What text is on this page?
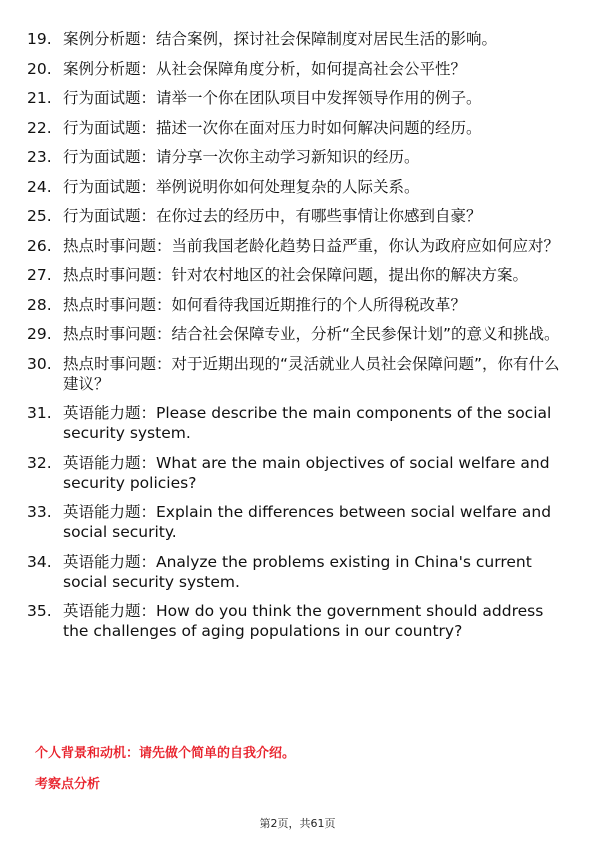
19. 案例分析题：结合案例，探讨社会保障制度对居民生活的影响。
20. 案例分析题：从社会保障角度分析，如何提高社会公平性？
21. 行为面试题：请举一个你在团队项目中发挥领导作用的例子。
22. 行为面试题：描述一次你在面对压力时如何解决问题的经历。
23. 行为面试题：请分享一次你主动学习新知识的经历。
24. 行为面试题：举例说明你如何处理复杂的人际关系。
25. 行为面试题：在你过去的经历中，有哪些事情让你感到自豪？
26. 热点时事问题：当前我国老龄化趋势日益严重，你认为政府应如何应对？
27. 热点时事问题：针对农村地区的社会保障问题，提出你的解决方案。
28. 热点时事问题：如何看待我国近期推行的个人所得税改革？
29. 热点时事问题：结合社会保障专业，分析“全民参保计划”的意义和挑战。
30. 热点时事问题：对于近期出现的“灵活就业人员社会保障问题”，你有什么建议？
31. 英语能力题：Please describe the main components of the social security system.
32. 英语能力题：What are the main objectives of social welfare and security policies?
33. 英语能力题：Explain the differences between social welfare and social security.
34. 英语能力题：Analyze the problems existing in China's current social security system.
35. 英语能力题：How do you think the government should address the challenges of aging populations in our country?
个人背景和动机：请先做个简单的自我介绍。
考察点分析
第2页，共61页
